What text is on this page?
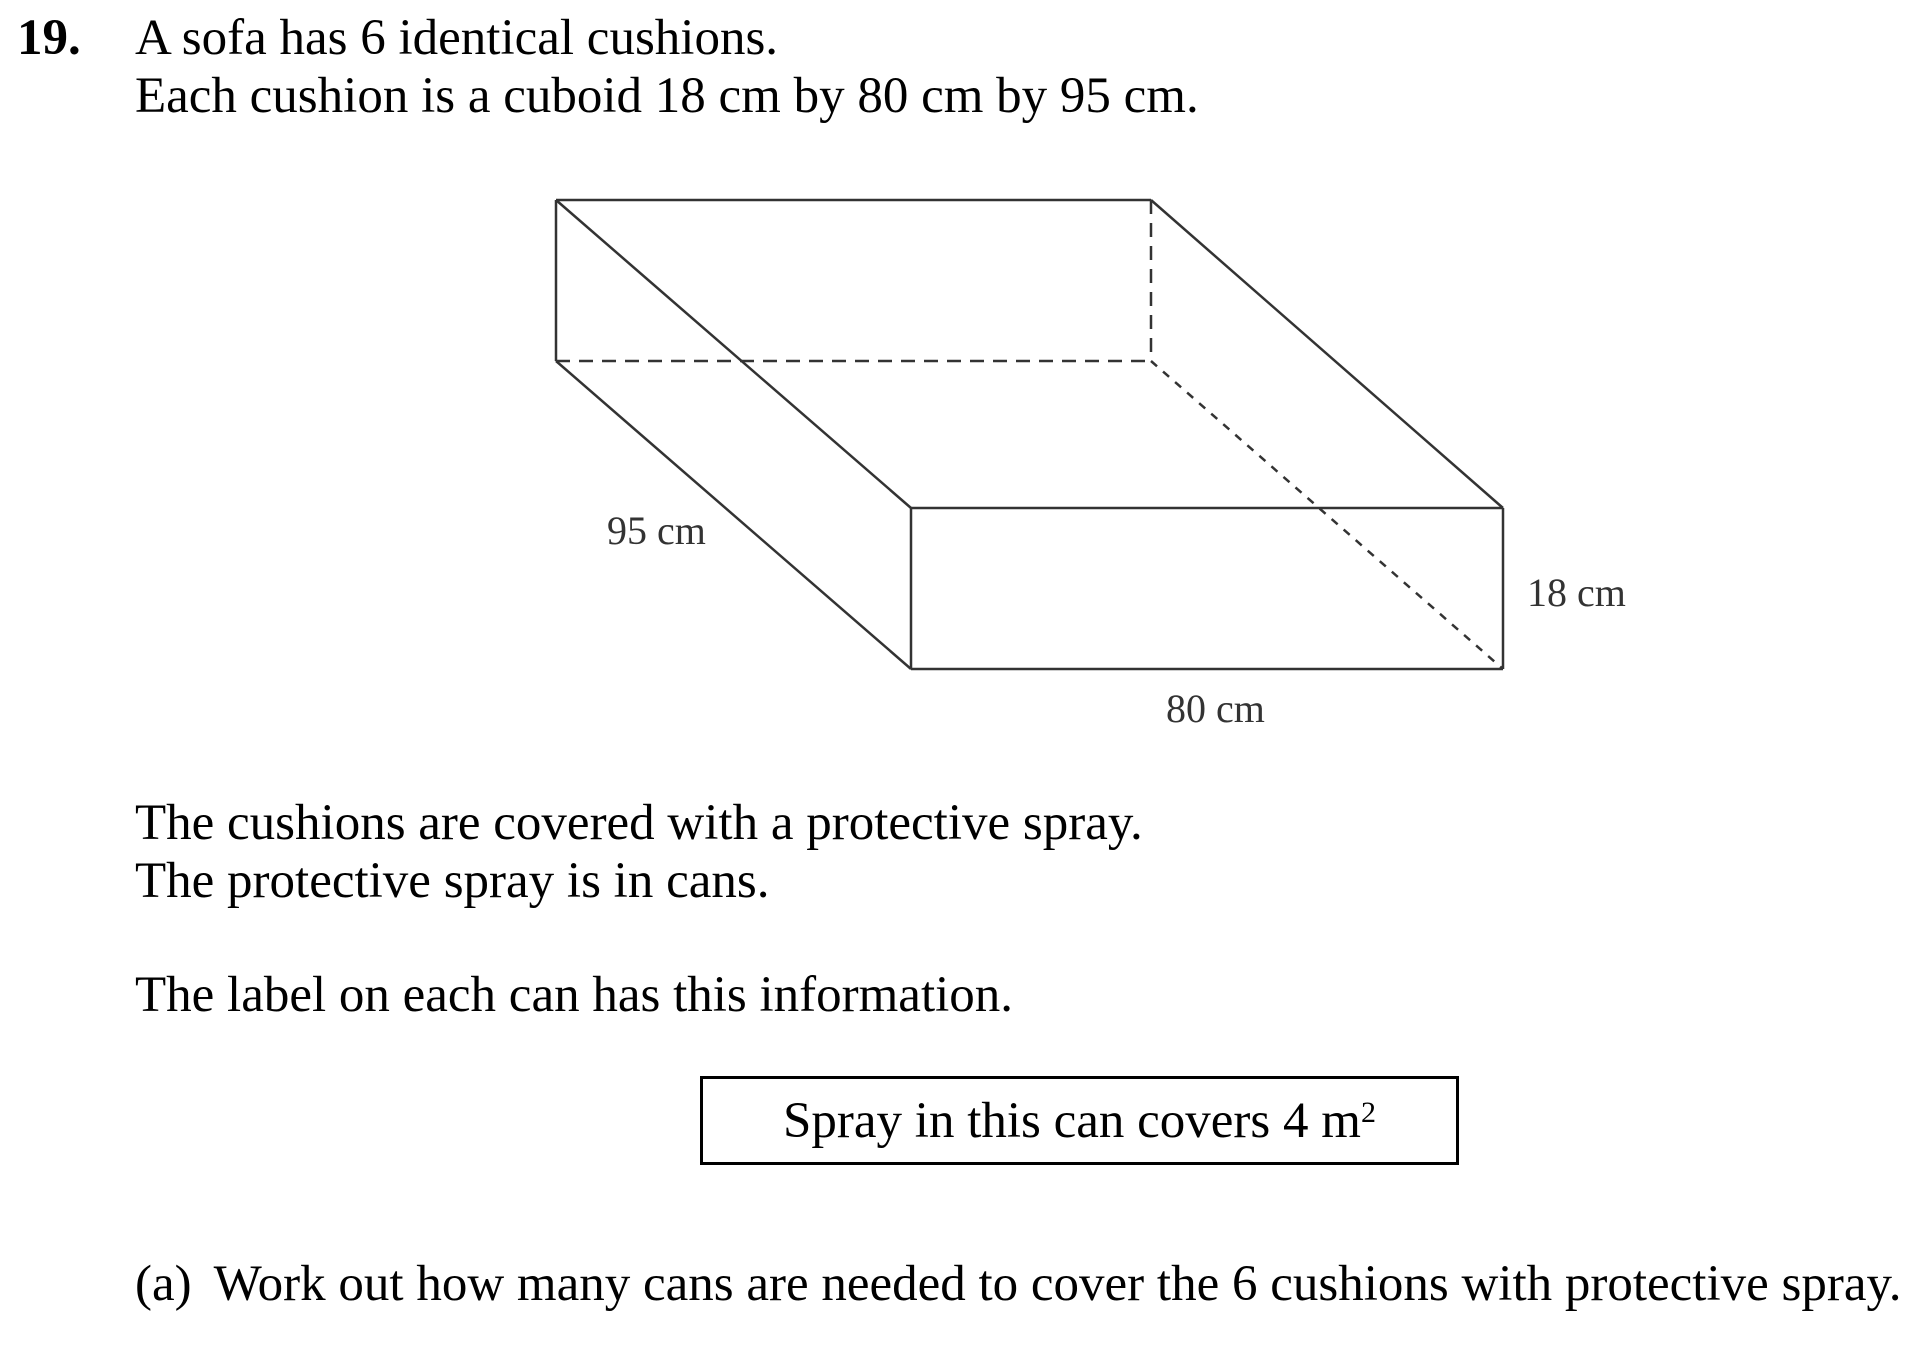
19. A sofa has 6 identical cushions.
Each cushion is a cuboid 18 cm by 80 cm by 95 cm.
95 cm
80 cm
18 cm
The cushions are covered with a protective spray.
The protective spray is in cans.
The label on each can has this information.
Spray in this can covers 4 $m^2$
(a) Work out how many cans are needed to cover the 6 cushions with protective spray.
